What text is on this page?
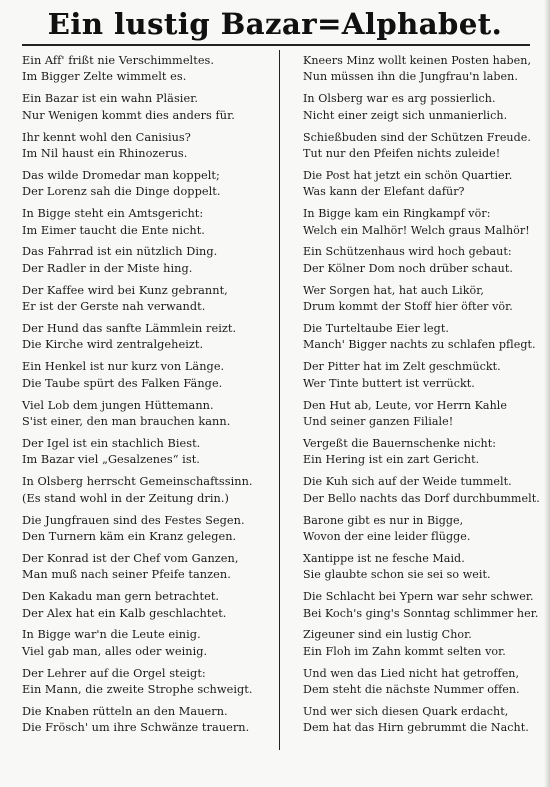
Ein lustig Bazar=Alphabet.
Ein Aff' frißt nie Verschimmeltes.
Im Bigger Zelte wimmelt es.
Ein Bazar ist ein wahn Pläsier.
Nur Wenigen kommt dies anders für.
Ihr kennt wohl den Canisius?
Im Nil haust ein Rhinozerus.
Das wilde Dromedar man koppelt;
Der Lorenz sah die Dinge doppelt.
In Bigge steht ein Amtsgericht:
Im Eimer taucht die Ente nicht.
Das Fahrrad ist ein nützlich Ding.
Der Radler in der Miste hing.
Der Kaffee wird bei Kunz gebrannt,
Er ist der Gerste nah verwandt.
Der Hund das sanfte Lämmlein reizt.
Die Kirche wird zentralgeheizt.
Ein Henkel ist nur kurz von Länge.
Die Taube spürt des Falken Fänge.
Viel Lob dem jungen Hüttemann.
S'ist einer, den man brauchen kann.
Der Igel ist ein stachlich Biest.
Im Bazar viel „Gesalzenes“ ist.
In Olsberg herrscht Gemeinschaftssinn.
(Es stand wohl in der Zeitung drin.)
Die Jungfrauen sind des Festes Segen.
Den Turnern käm ein Kranz gelegen.
Der Konrad ist der Chef vom Ganzen,
Man muß nach seiner Pfeife tanzen.
Den Kakadu man gern betrachtet.
Der Alex hat ein Kalb geschlachtet.
In Bigge war'n die Leute einig.
Viel gab man, alles oder weinig.
Der Lehrer auf die Orgel steigt:
Ein Mann, die zweite Strophe schweigt.
Die Knaben rütteln an den Mauern.
Die Frösch' um ihre Schwänze trauern.
Kneers Minz wollt keinen Posten haben,
Nun müssen ihn die Jungfrau'n laben.
In Olsberg war es arg possierlich.
Nicht einer zeigt sich unmanierlich.
Schießbuden sind der Schützen Freude.
Tut nur den Pfeifen nichts zuleide!
Die Post hat jetzt ein schön Quartier.
Was kann der Elefant dafür?
In Bigge kam ein Ringkampf vör:
Welch ein Malhör! Welch graus Malhör!
Ein Schützenhaus wird hoch gebaut:
Der Kölner Dom noch drüber schaut.
Wer Sorgen hat, hat auch Likör,
Drum kommt der Stoff hier öfter vör.
Die Turteltaube Eier legt.
Manch' Bigger nachts zu schlafen pflegt.
Der Pitter hat im Zelt geschmückt.
Wer Tinte buttert ist verrückt.
Den Hut ab, Leute, vor Herrn Kahle
Und seiner ganzen Filiale!
Vergeßt die Bauernschenke nicht:
Ein Hering ist ein zart Gericht.
Die Kuh sich auf der Weide tummelt.
Der Bello nachts das Dorf durchbummelt.
Barone gibt es nur in Bigge,
Wovon der eine leider flügge.
Xantippe ist ne fesche Maid.
Sie glaubte schon sie sei so weit.
Die Schlacht bei Ypern war sehr schwer.
Bei Koch's ging's Sonntag schlimmer her.
Zigeuner sind ein lustig Chor.
Ein Floh im Zahn kommt selten vor.
Und wen das Lied nicht hat getroffen,
Dem steht die nächste Nummer offen.
Und wer sich diesen Quark erdacht,
Dem hat das Hirn gebrummt die Nacht.
